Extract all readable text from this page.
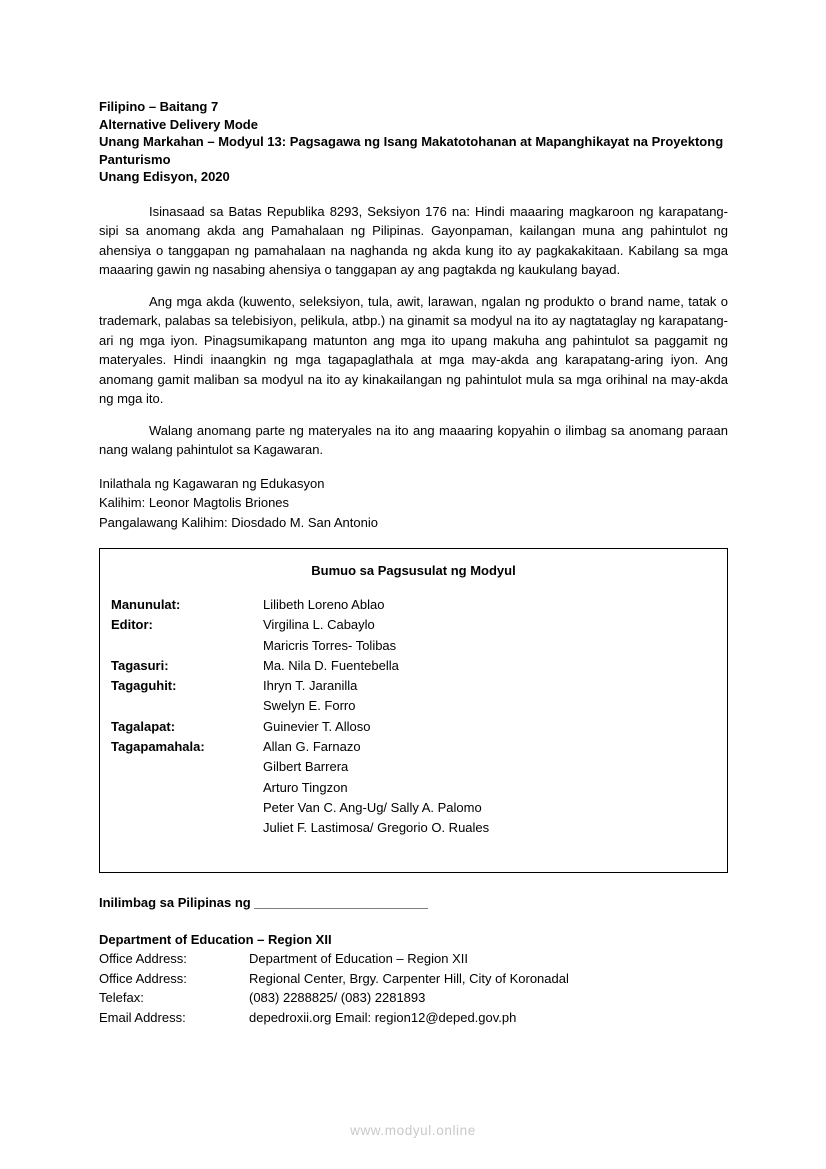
Filipino – Baitang 7
Alternative Delivery Mode
Unang Markahan – Modyul 13: Pagsagawa ng Isang Makatotohanan at Mapanghikayat na Proyektong Panturismo
Unang Edisyon, 2020

Isinasaad sa Batas Republika 8293, Seksiyon 176 na: Hindi maaaring magkaroon ng karapatang-sipi sa anomang akda ang Pamahalaan ng Pilipinas. Gayonpaman, kailangan muna ang pahintulot ng ahensiya o tanggapan ng pamahalaan na naghanda ng akda kung ito ay pagkakakitaan. Kabilang sa mga maaaring gawin ng nasabing ahensiya o tanggapan ay ang pagtakda ng kaukulang bayad.

Ang mga akda (kuwento, seleksiyon, tula, awit, larawan, ngalan ng produkto o brand name, tatak o trademark, palabas sa telebisiyon, pelikula, atbp.) na ginamit sa modyul na ito ay nagtataglay ng karapatang-ari ng mga iyon. Pinagsumikapang matunton ang mga ito upang makuha ang pahintulot sa paggamit ng materyales. Hindi inaangkin ng mga tagapaglathala at mga may-akda ang karapatang-aring iyon. Ang anomang gamit maliban sa modyul na ito ay kinakailangan ng pahintulot mula sa mga orihinal na may-akda ng mga ito.

Walang anomang parte ng materyales na ito ang maaaring kopyahin o ilimbag sa anomang paraan nang walang pahintulot sa Kagawaran.

Inilathala ng Kagawaran ng Edukasyon
Kalihim: Leonor Magtolis Briones
Pangalawang Kalihim: Diosdado M. San Antonio
Bumuo sa Pagsusulat ng Modyul
Manunulat:	Lilibeth Loreno Ablao
Editor:	Virgilina L. Cabaylo
	Maricris Torres- Tolibas
Tagasuri:	Ma. Nila D. Fuentebella
Tagaguhit:	Ihryn T. Jaranilla
	Swelyn E. Forro
Tagalapat:	Guinevier T. Alloso
Tagapamahala:	Allan G. Farnazo
	Gilbert Barrera
	Arturo Tingzon
	Peter Van C. Ang-Ug/ Sally A. Palomo
	Juliet F. Lastimosa/ Gregorio O. Ruales
Inilimbag sa Pilipinas ng ________________________
Department of Education – Region XII
Office Address:	Department of Education – Region XII
Office Address:	Regional Center, Brgy. Carpenter Hill, City of Koronadal
Telefax:	(083) 2288825/ (083) 2281893
Email Address:	depedroxii.org Email: region12@deped.gov.ph
www.modyul.online
